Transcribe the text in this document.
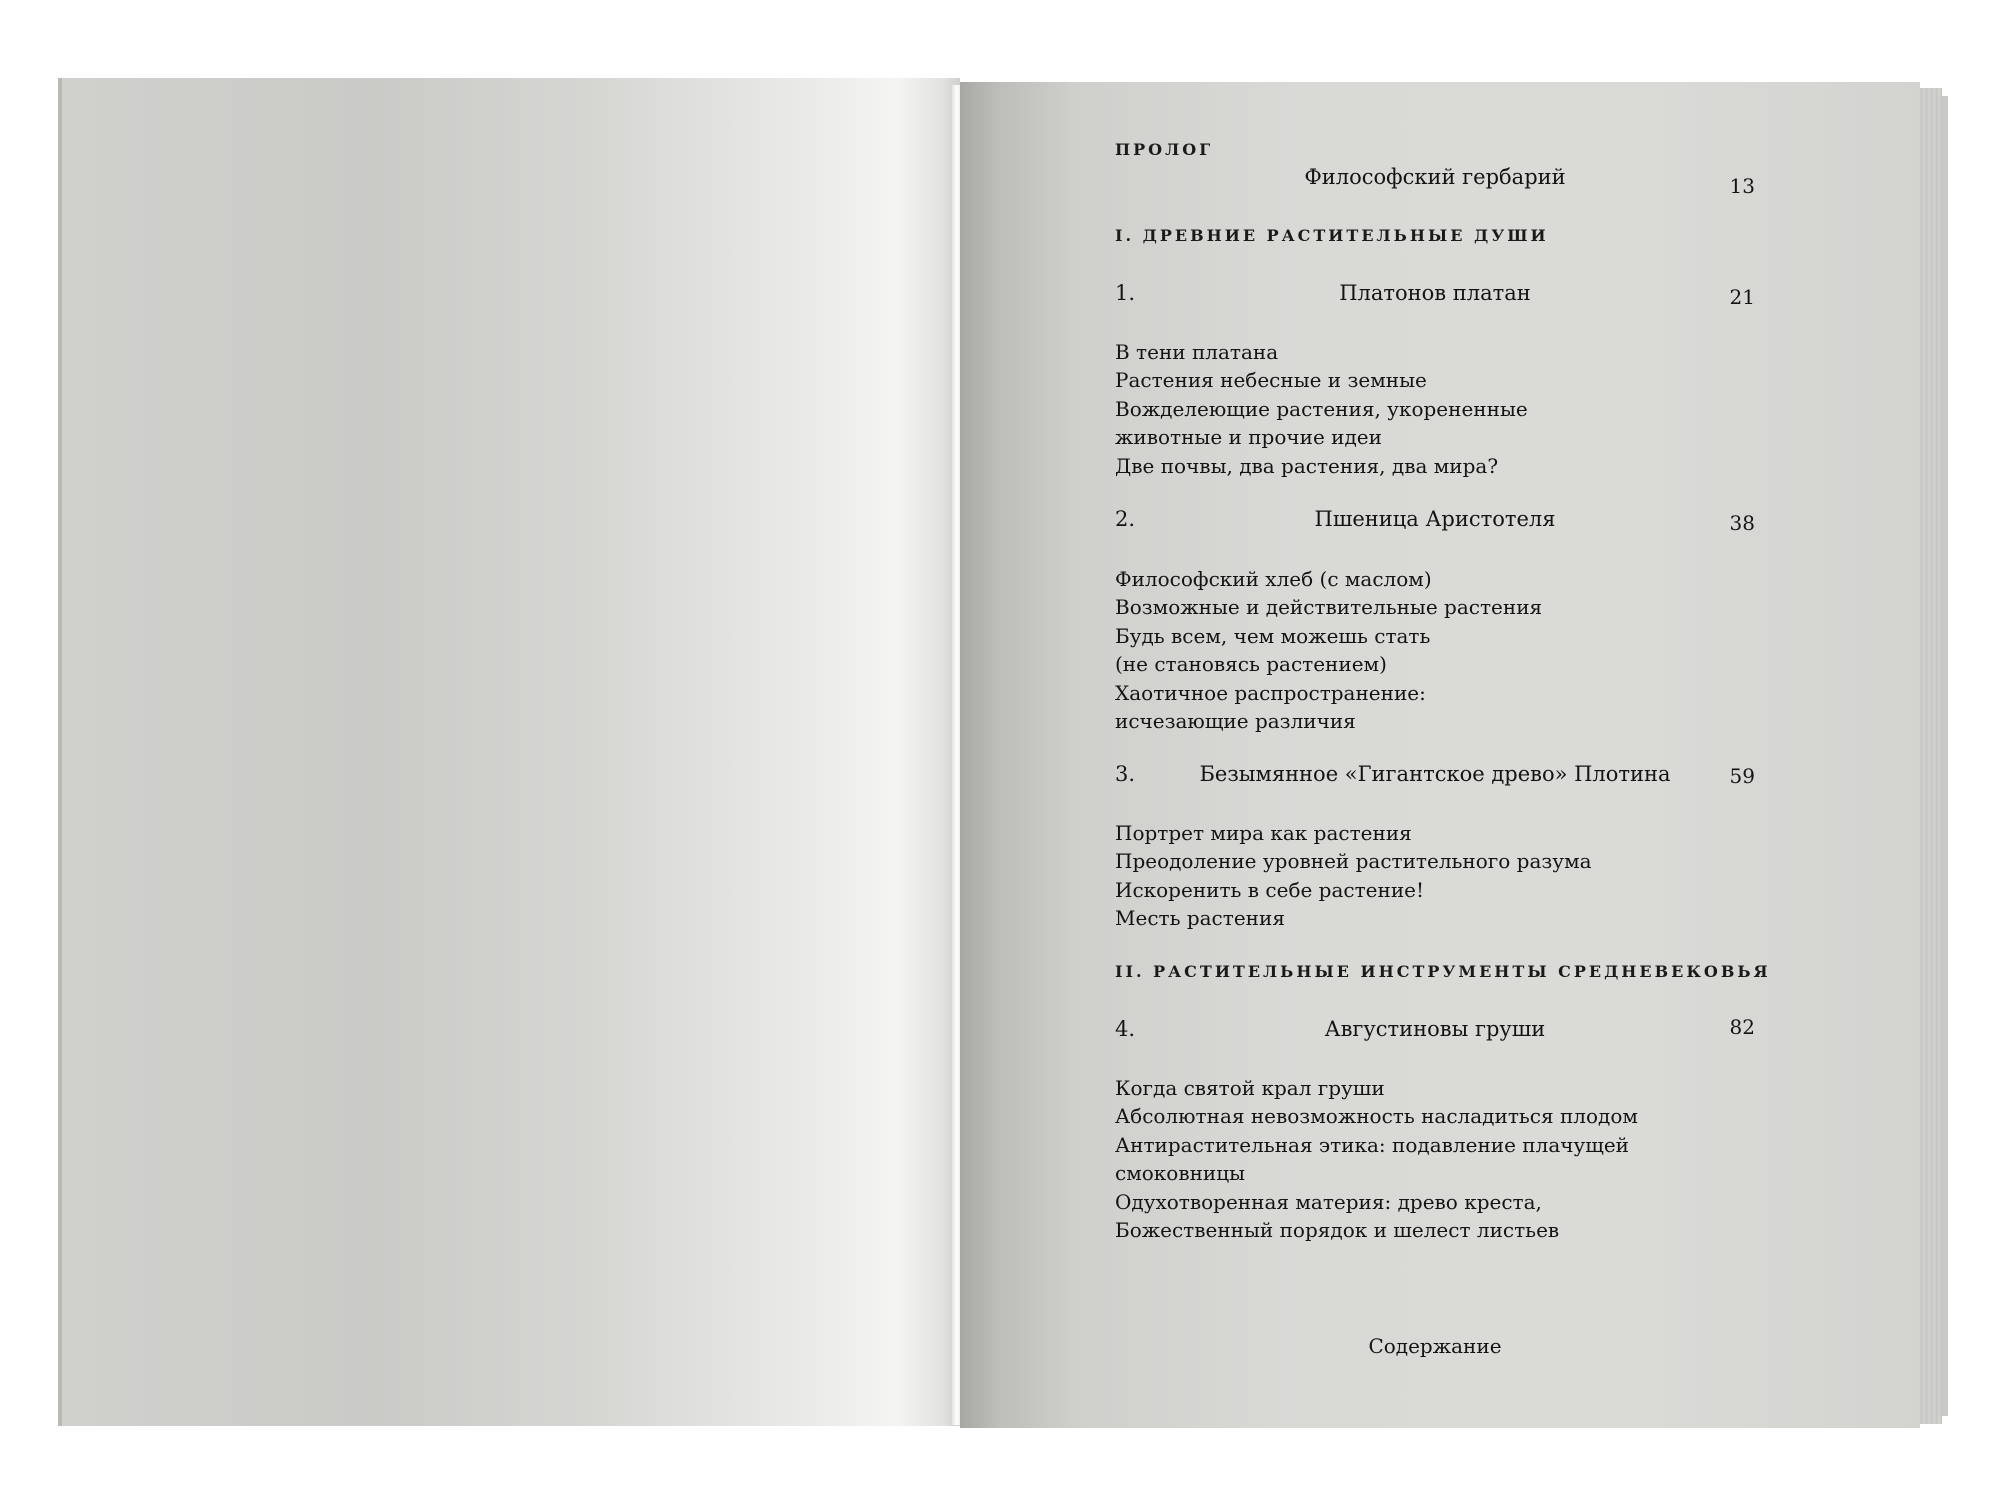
ПРОЛОГ
Философский гербарий	13
I. ДРЕВНИЕ РАСТИТЕЛЬНЫЕ ДУШИ
1.	Платонов платан	21
В тени платана
Растения небесные и земные
Вожделеющие растения, укорененные
животные и прочие идеи
Две почвы, два растения, два мира?
2.	Пшеница Аристотеля	38
Философский хлеб (с маслом)
Возможные и действительные растения
Будь всем, чем можешь стать
(не становясь растением)
Хаотичное распространение:
исчезающие различия
3.	Безымянное «Гигантское древо» Плотина	59
Портрет мира как растения
Преодоление уровней растительного разума
Искоренить в себе растение!
Месть растения
II. РАСТИТЕЛЬНЫЕ ИНСТРУМЕНТЫ СРЕДНЕВЕКОВЬЯ
4.	Августиновы груши	82
Когда святой крал груши
Абсолютная невозможность насладиться плодом
Антирастительная этика: подавление плачущей
смоковницы
Одухотворенная материя: древо креста,
Божественный порядок и шелест листьев
Содержание
